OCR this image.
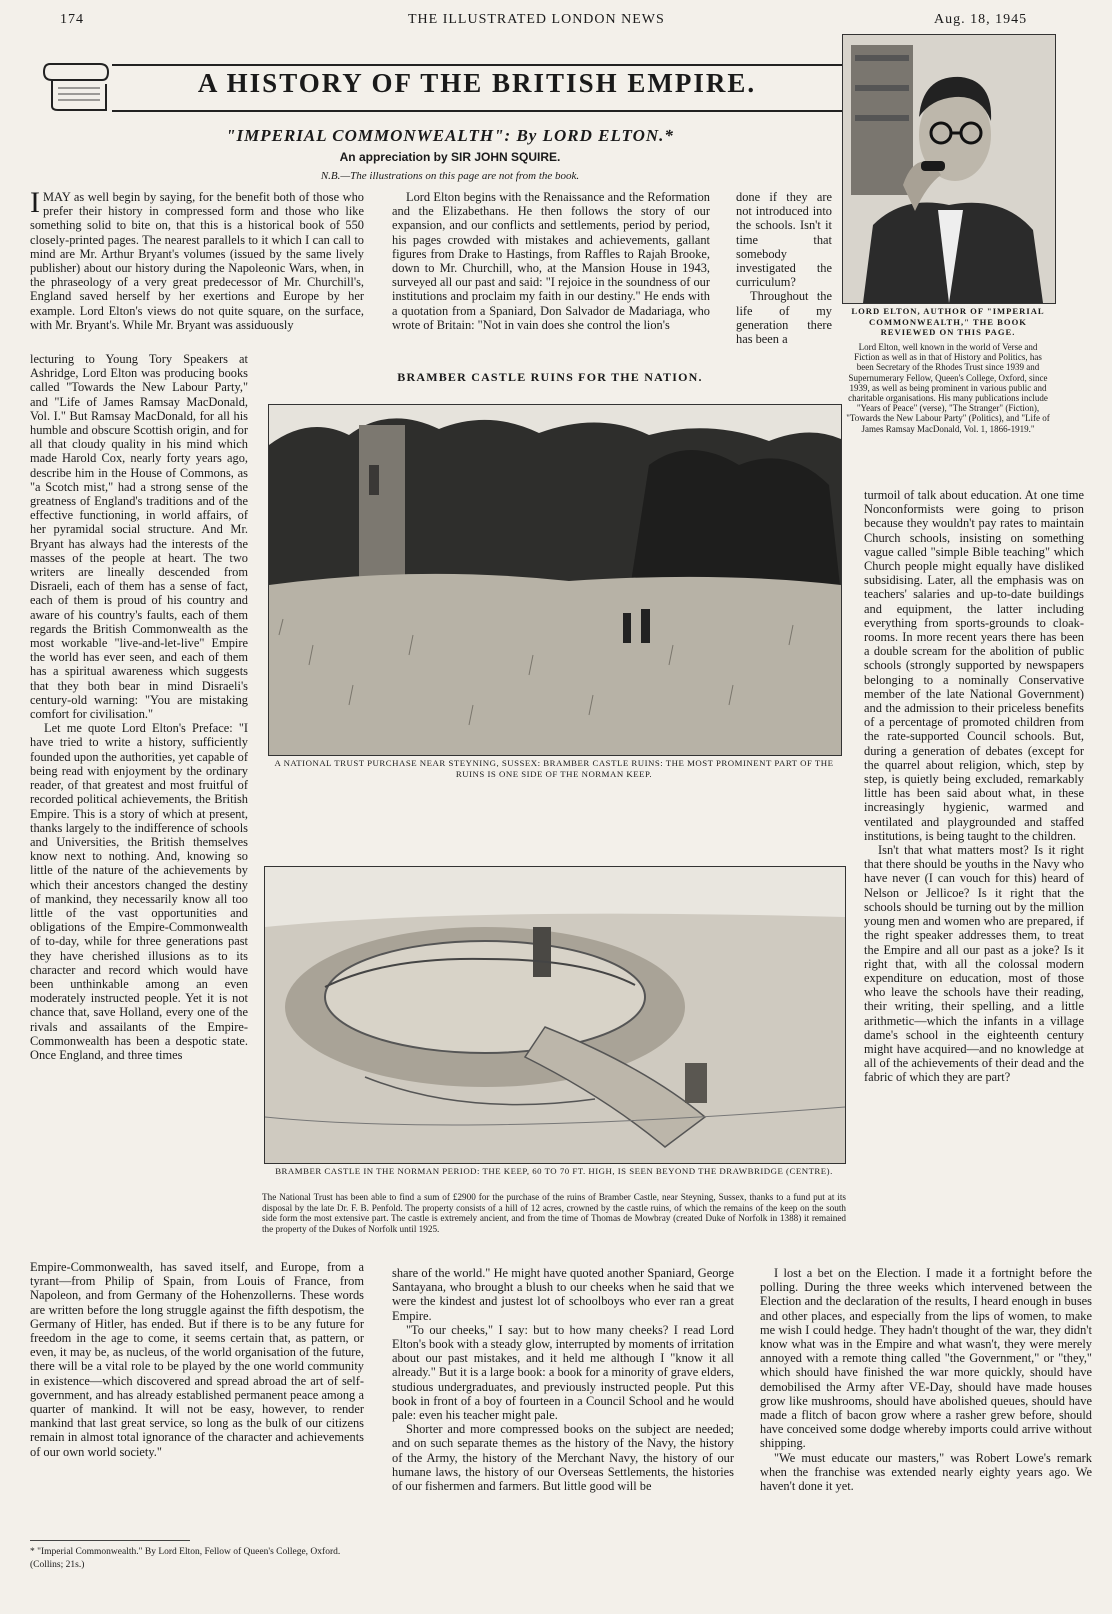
174	THE ILLUSTRATED LONDON NEWS	Aug. 18, 1945
A HISTORY OF THE BRITISH EMPIRE.
"IMPERIAL COMMONWEALTH": By LORD ELTON.*
An appreciation by SIR JOHN SQUIRE.
N.B.—The illustrations on this page are not from the book.
LORD ELTON, AUTHOR OF "IMPERIAL COMMONWEALTH," THE BOOK REVIEWED ON THIS PAGE.
Lord Elton, well known in the world of Verse and Fiction as well as in that of History and Politics, has been Secretary of the Rhodes Trust since 1939 and Supernumerary Fellow, Queen's College, Oxford, since 1939, as well as being prominent in various public and charitable organisations. His many publications include "Years of Peace" (verse), "The Stranger" (Fiction), "Towards the New Labour Party" (Politics), and "Life of James Ramsay MacDonald, Vol. 1, 1866-1919."

IMAY as well begin by saying, for the benefit both of those who prefer their history in compressed form and those who like something solid to bite on, that this is a historical book of 550 closely-printed pages. The nearest parallels to it which I can call to mind are Mr. Arthur Bryant's volumes (issued by the same lively publisher) about our history during the Napoleonic Wars, when, in the phraseology of a very great predecessor of Mr. Churchill's, England saved herself by her exertions and Europe by her example. Lord Elton's views do not quite square, on the surface, with Mr. Bryant's. While Mr. Bryant was assiduously

lecturing to Young Tory Speakers at Ashridge, Lord Elton was producing books called "Towards the New Labour Party," and "Life of James Ramsay MacDonald, Vol. I." But Ramsay MacDonald, for all his humble and obscure Scottish origin, and for all that cloudy quality in his mind which made Harold Cox, nearly forty years ago, describe him in the House of Commons, as "a Scotch mist," had a strong sense of the greatness of England's traditions and of the effective functioning, in world affairs, of her pyramidal social structure. And Mr. Bryant has always had the interests of the masses of the people at heart. The two writers are lineally descended from Disraeli, each of them has a sense of fact, each of them is proud of his country and aware of his country's faults, each of them regards the British Commonwealth as the most workable "live-and-let-live" Empire the world has ever seen, and each of them has a spiritual awareness which suggests that they both bear in mind Disraeli's century-old warning: "You are mistaking comfort for civilisation."

Let me quote Lord Elton's Preface: "I have tried to write a history, sufficiently founded upon the authorities, yet capable of being read with enjoyment by the ordinary reader, of that greatest and most fruitful of recorded political achievements, the British Empire. This is a story of which at present, thanks largely to the indifference of schools and Universities, the British themselves know next to nothing. And, knowing so little of the nature of the achievements by which their ancestors changed the destiny of mankind, they necessarily know all too little of the vast opportunities and obligations of the Empire-Commonwealth of to-day, while for three generations past they have cherished illusions as to its character and record which would have been unthinkable among an even moderately instructed people. Yet it is not chance that, save Holland, every one of the rivals and assailants of the Empire-Commonwealth has been a despotic state. Once England, and three times

Empire-Commonwealth, has saved itself, and Europe, from a tyrant—from Philip of Spain, from Louis of France, from Napoleon, and from Germany of the Hohenzollerns. These words are written before the long struggle against the fifth despotism, the Germany of Hitler, has ended. But if there is to be any future for freedom in the age to come, it seems certain that, as pattern, or even, it may be, as nucleus, of the world organisation of the future, there will be a vital role to be played by the one world community in existence—which discovered and spread abroad the art of self-government, and has already established permanent peace among a quarter of mankind. It will not be easy, however, to render mankind that last great service, so long as the bulk of our citizens remain in almost total ignorance of the character and achievements of our own world society."

Lord Elton begins with the Renaissance and the Reformation and the Elizabethans. He then follows the story of our expansion, and our conflicts and settlements, period by period, his pages crowded with mistakes and achievements, gallant figures from Drake to Hastings, from Raffles to Rajah Brooke, down to Mr. Churchill, who, at the Mansion House in 1943, surveyed all our past and said: "I rejoice in the soundness of our institutions and proclaim my faith in our destiny." He ends with a quotation from a Spaniard, Don Salvador de Madariaga, who wrote of Britain: "Not in vain does she control the lion's

done if they are not introduced into the schools. Isn't it time that somebody investigated the curriculum?

Throughout the life of my generation there has been a

BRAMBER CASTLE RUINS FOR THE NATION.
A NATIONAL TRUST PURCHASE NEAR STEYNING, SUSSEX: BRAMBER CASTLE RUINS: THE MOST PROMINENT PART OF THE RUINS IS ONE SIDE OF THE NORMAN KEEP.
BRAMBER CASTLE IN THE NORMAN PERIOD: THE KEEP, 60 TO 70 FT. HIGH, IS SEEN BEYOND THE DRAWBRIDGE (CENTRE).
The National Trust has been able to find a sum of £2900 for the purchase of the ruins of Bramber Castle, near Steyning, Sussex, thanks to a fund put at its disposal by the late Dr. F. B. Penfold. The property consists of a hill of 12 acres, crowned by the castle ruins, of which the remains of the keep on the south side form the most extensive part. The castle is extremely ancient, and from the time of Thomas de Mowbray (created Duke of Norfolk in 1388) it remained the property of the Dukes of Norfolk until 1925.

turmoil of talk about education. At one time Nonconformists were going to prison because they wouldn't pay rates to maintain Church schools, insisting on something vague called "simple Bible teaching" which Church people might equally have disliked subsidising. Later, all the emphasis was on teachers' salaries and up-to-date buildings and equipment, the latter including everything from sports-grounds to cloak-rooms. In more recent years there has been a double scream for the abolition of public schools (strongly supported by newspapers belonging to a nominally Conservative member of the late National Government) and the admission to their priceless benefits of a percentage of promoted children from the rate-supported Council schools. But, during a generation of debates (except for the quarrel about religion, which, step by step, is quietly being excluded, remarkably little has been said about what, in these increasingly hygienic, warmed and ventilated and playgrounded and staffed institutions, is being taught to the children.

Isn't that what matters most? Is it right that there should be youths in the Navy who have never (I can vouch for this) heard of Nelson or Jellicoe? Is it right that the schools should be turning out by the million young men and women who are prepared, if the right speaker addresses them, to treat the Empire and all our past as a joke? Is it right that, with all the colossal modern expenditure on education, most of those who leave the schools have their reading, their writing, their spelling, and a little arithmetic—which the infants in a village dame's school in the eighteenth century might have acquired—and no knowledge at all of the achievements of their dead and the fabric of which they are part?

share of the world." He might have quoted another Spaniard, George Santayana, who brought a blush to our cheeks when he said that we were the kindest and justest lot of schoolboys who ever ran a great Empire.

"To our cheeks," I say: but to how many cheeks? I read Lord Elton's book with a steady glow, interrupted by moments of irritation about our past mistakes, and it held me although I "know it all already." But it is a large book: a book for a minority of grave elders, studious undergraduates, and previously instructed people. Put this book in front of a boy of fourteen in a Council School and he would pale: even his teacher might pale.

Shorter and more compressed books on the subject are needed; and on such separate themes as the history of the Navy, the history of the Army, the history of the Merchant Navy, the history of our humane laws, the history of our Overseas Settlements, the histories of our fishermen and farmers. But little good will be

I lost a bet on the Election. I made it a fortnight before the polling. During the three weeks which intervened between the Election and the declaration of the results, I heard enough in buses and other places, and especially from the lips of women, to make me wish I could hedge. They hadn't thought of the war, they didn't know what was in the Empire and what wasn't, they were merely annoyed with a remote thing called "the Government," or "they," which should have finished the war more quickly, should have demobilised the Army after VE-Day, should have made houses grow like mushrooms, should have abolished queues, should have made a flitch of bacon grow where a rasher grew before, should have conceived some dodge whereby imports could arrive without shipping.

"We must educate our masters," was Robert Lowe's remark when the franchise was extended nearly eighty years ago. We haven't done it yet.

* "Imperial Commonwealth." By Lord Elton, Fellow of Queen's College, Oxford. (Collins; 21s.)
